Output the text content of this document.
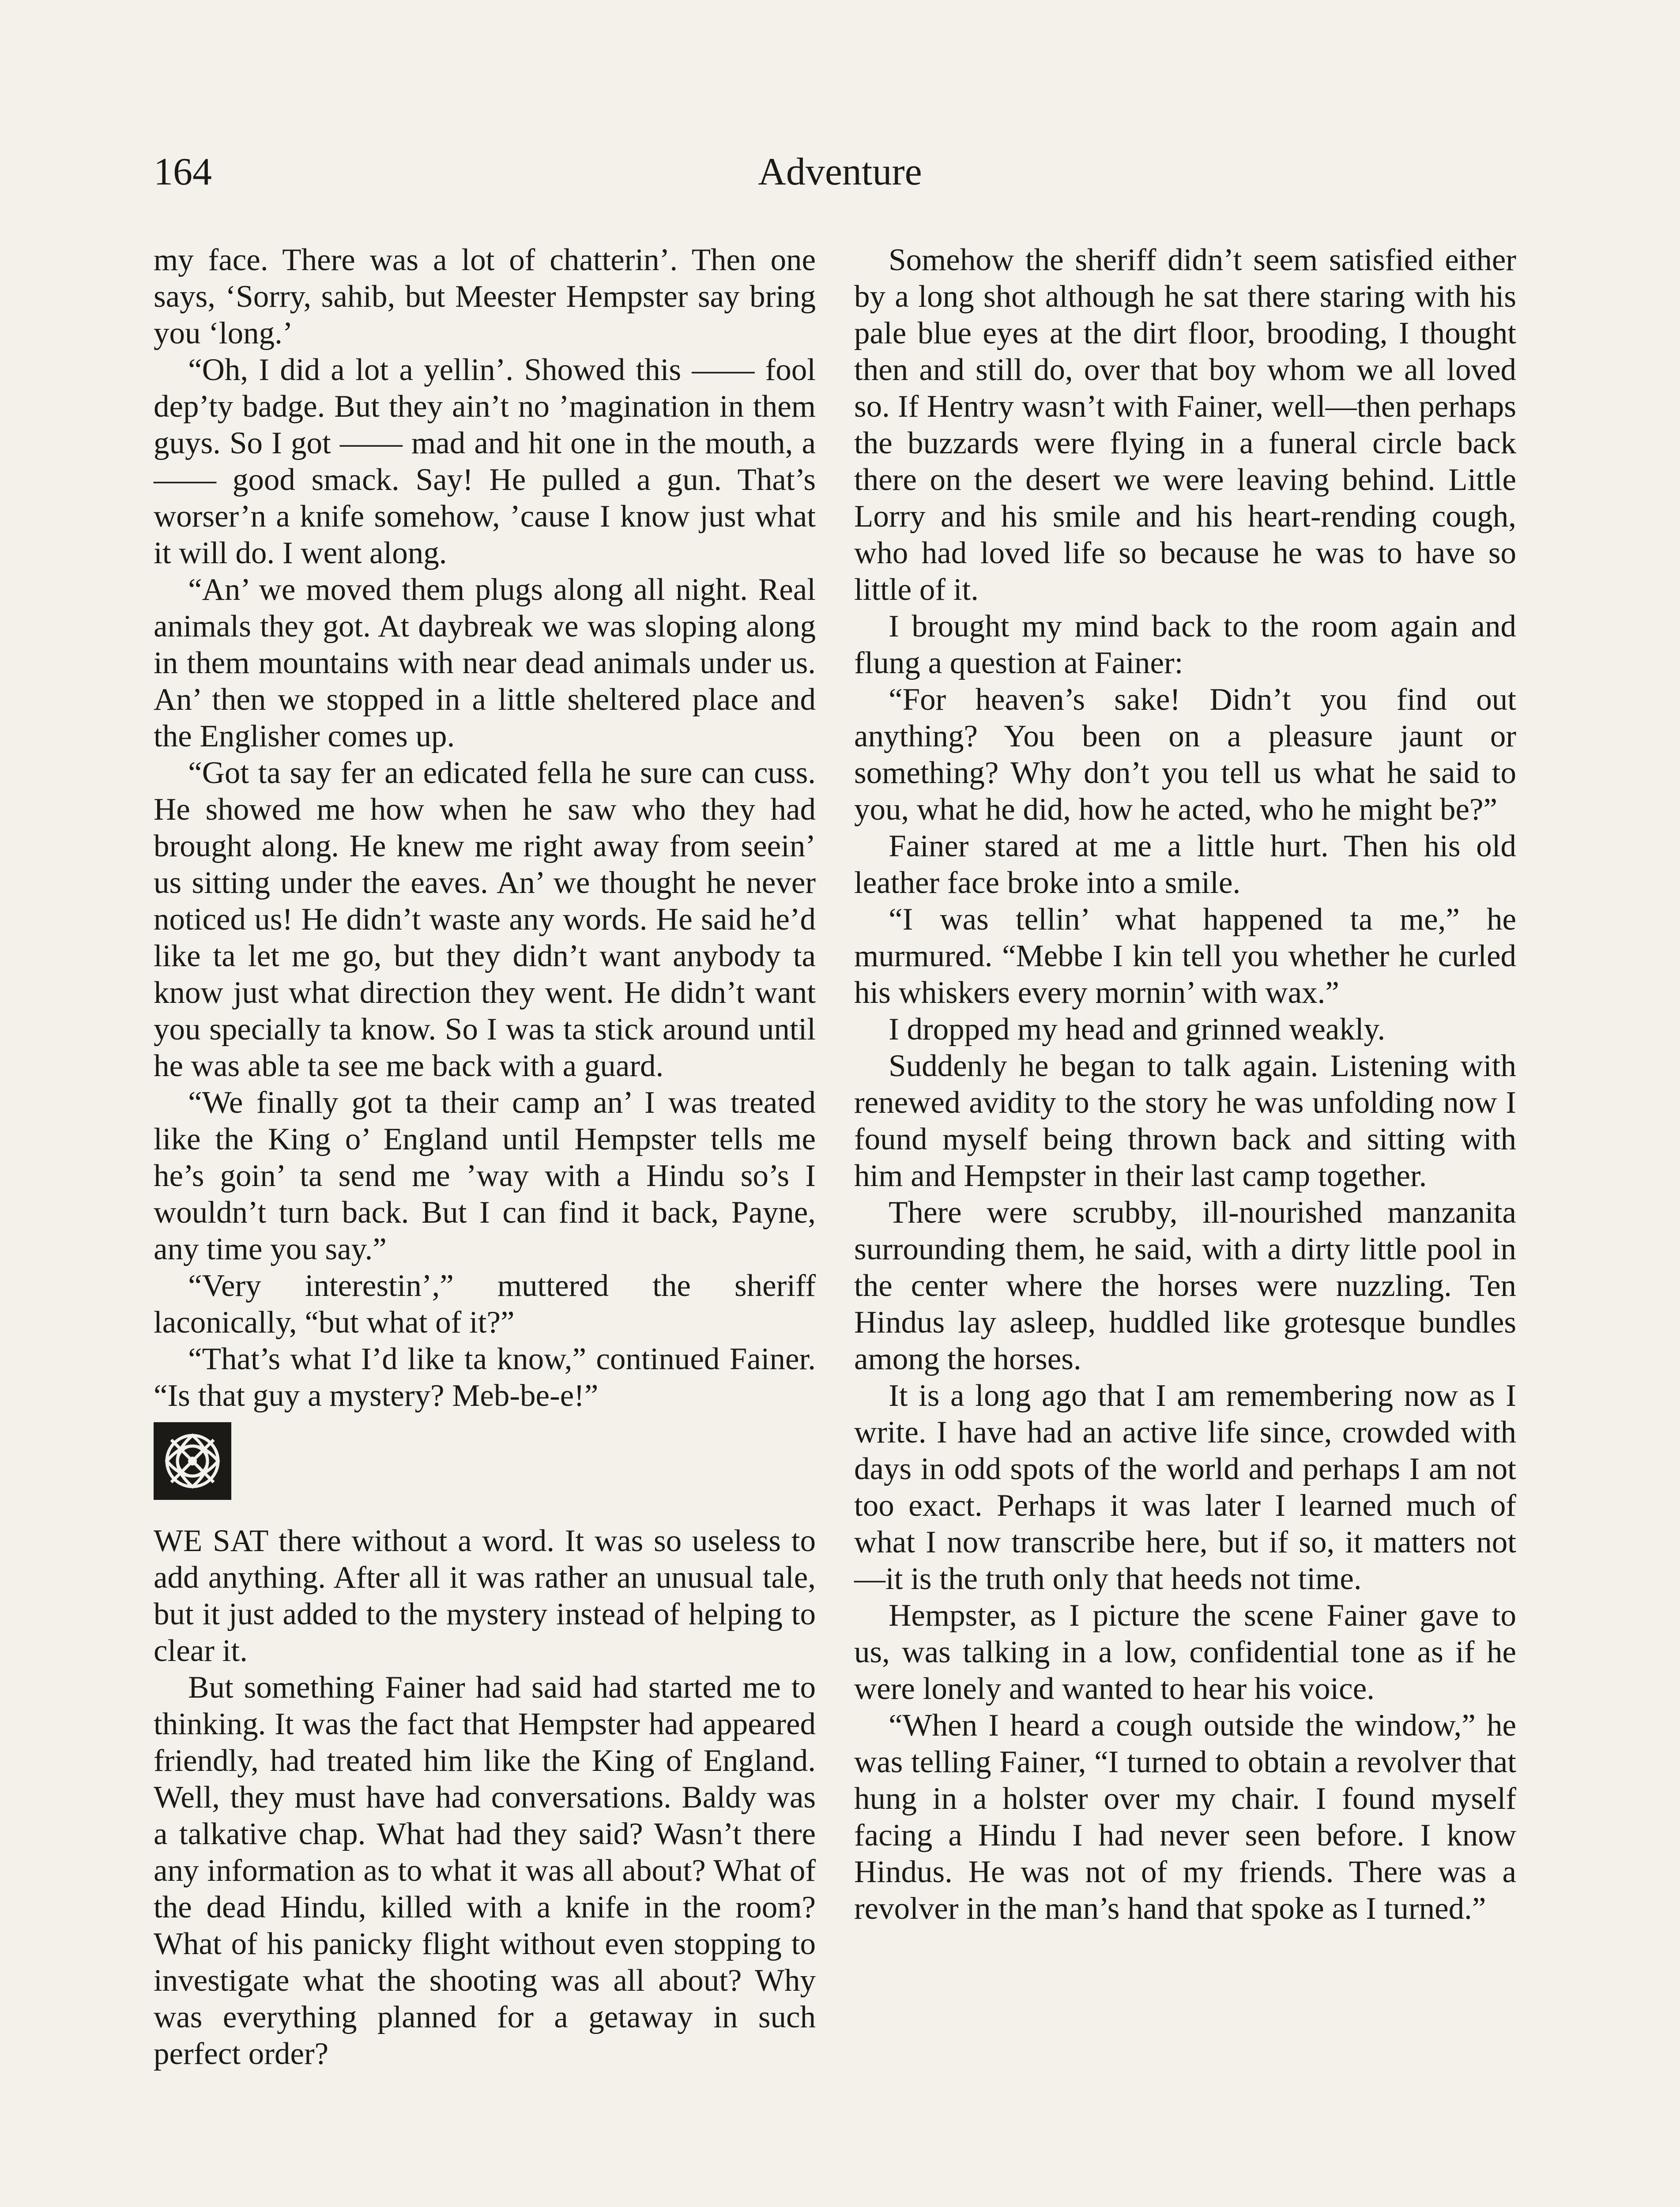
164	Adventure

my face. There was a lot of chatterin’. Then one says, ‘Sorry, sahib, but Meester Hempster say bring you ‘long.’

“Oh, I did a lot a yellin’. Showed this —— fool dep’ty badge. But they ain’t no ’magination in them guys. So I got —— mad and hit one in the mouth, a —— good smack. Say! He pulled a gun. That’s worser’n a knife somehow, ’cause I know just what it will do. I went along.

“An’ we moved them plugs along all night. Real animals they got. At daybreak we was sloping along in them mountains with near dead animals under us. An’ then we stopped in a little sheltered place and the Englisher comes up.

“Got ta say fer an edicated fella he sure can cuss. He showed me how when he saw who they had brought along. He knew me right away from seein’ us sitting under the eaves. An’ we thought he never noticed us! He didn’t waste any words. He said he’d like ta let me go, but they didn’t want anybody ta know just what direction they went. He didn’t want you specially ta know. So I was ta stick around until he was able ta see me back with a guard.

“We finally got ta their camp an’ I was treated like the King o’ England until Hempster tells me he’s goin’ ta send me ’way with a Hindu so’s I wouldn’t turn back. But I can find it back, Payne, any time you say.”

“Very interestin’,” muttered the sheriff laconically, “but what of it?”

“That’s what I’d like ta know,” continued Fainer. “Is that guy a mystery? Meb-be-e!”

WE SAT there without a word. It was so useless to add anything. After all it was rather an unusual tale, but it just added to the mystery instead of helping to clear it.

But something Fainer had said had started me to thinking. It was the fact that Hempster had appeared friendly, had treated him like the King of England. Well, they must have had conversations. Baldy was a talkative chap. What had they said? Wasn’t there any information as to what it was all about? What of the dead Hindu, killed with a knife in the room? What of his panicky flight without even stopping to investigate what the shooting was all about? Why was everything planned for a getaway in such perfect order?

Somehow the sheriff didn’t seem satisfied either by a long shot although he sat there staring with his pale blue eyes at the dirt floor, brooding, I thought then and still do, over that boy whom we all loved so. If Hentry wasn’t with Fainer, well—then perhaps the buzzards were flying in a funeral circle back there on the desert we were leaving behind. Little Lorry and his smile and his heart-rending cough, who had loved life so because he was to have so little of it.

I brought my mind back to the room again and flung a question at Fainer:

“For heaven’s sake! Didn’t you find out anything? You been on a pleasure jaunt or something? Why don’t you tell us what he said to you, what he did, how he acted, who he might be?”

Fainer stared at me a little hurt. Then his old leather face broke into a smile.

“I was tellin’ what happened ta me,” he murmured. “Mebbe I kin tell you whether he curled his whiskers every mornin’ with wax.”

I dropped my head and grinned weakly.

Suddenly he began to talk again. Listening with renewed avidity to the story he was unfolding now I found myself being thrown back and sitting with him and Hempster in their last camp together.

There were scrubby, ill-nourished manzanita surrounding them, he said, with a dirty little pool in the center where the horses were nuzzling. Ten Hindus lay asleep, huddled like grotesque bundles among the horses.

It is a long ago that I am remembering now as I write. I have had an active life since, crowded with days in odd spots of the world and perhaps I am not too exact. Perhaps it was later I learned much of what I now transcribe here, but if so, it matters not—it is the truth only that heeds not time.

Hempster, as I picture the scene Fainer gave to us, was talking in a low, confidential tone as if he were lonely and wanted to hear his voice.

“When I heard a cough outside the window,” he was telling Fainer, “I turned to obtain a revolver that hung in a holster over my chair. I found myself facing a Hindu I had never seen before. I know Hindus. He was not of my friends. There was a revolver in the man’s hand that spoke as I turned.”
